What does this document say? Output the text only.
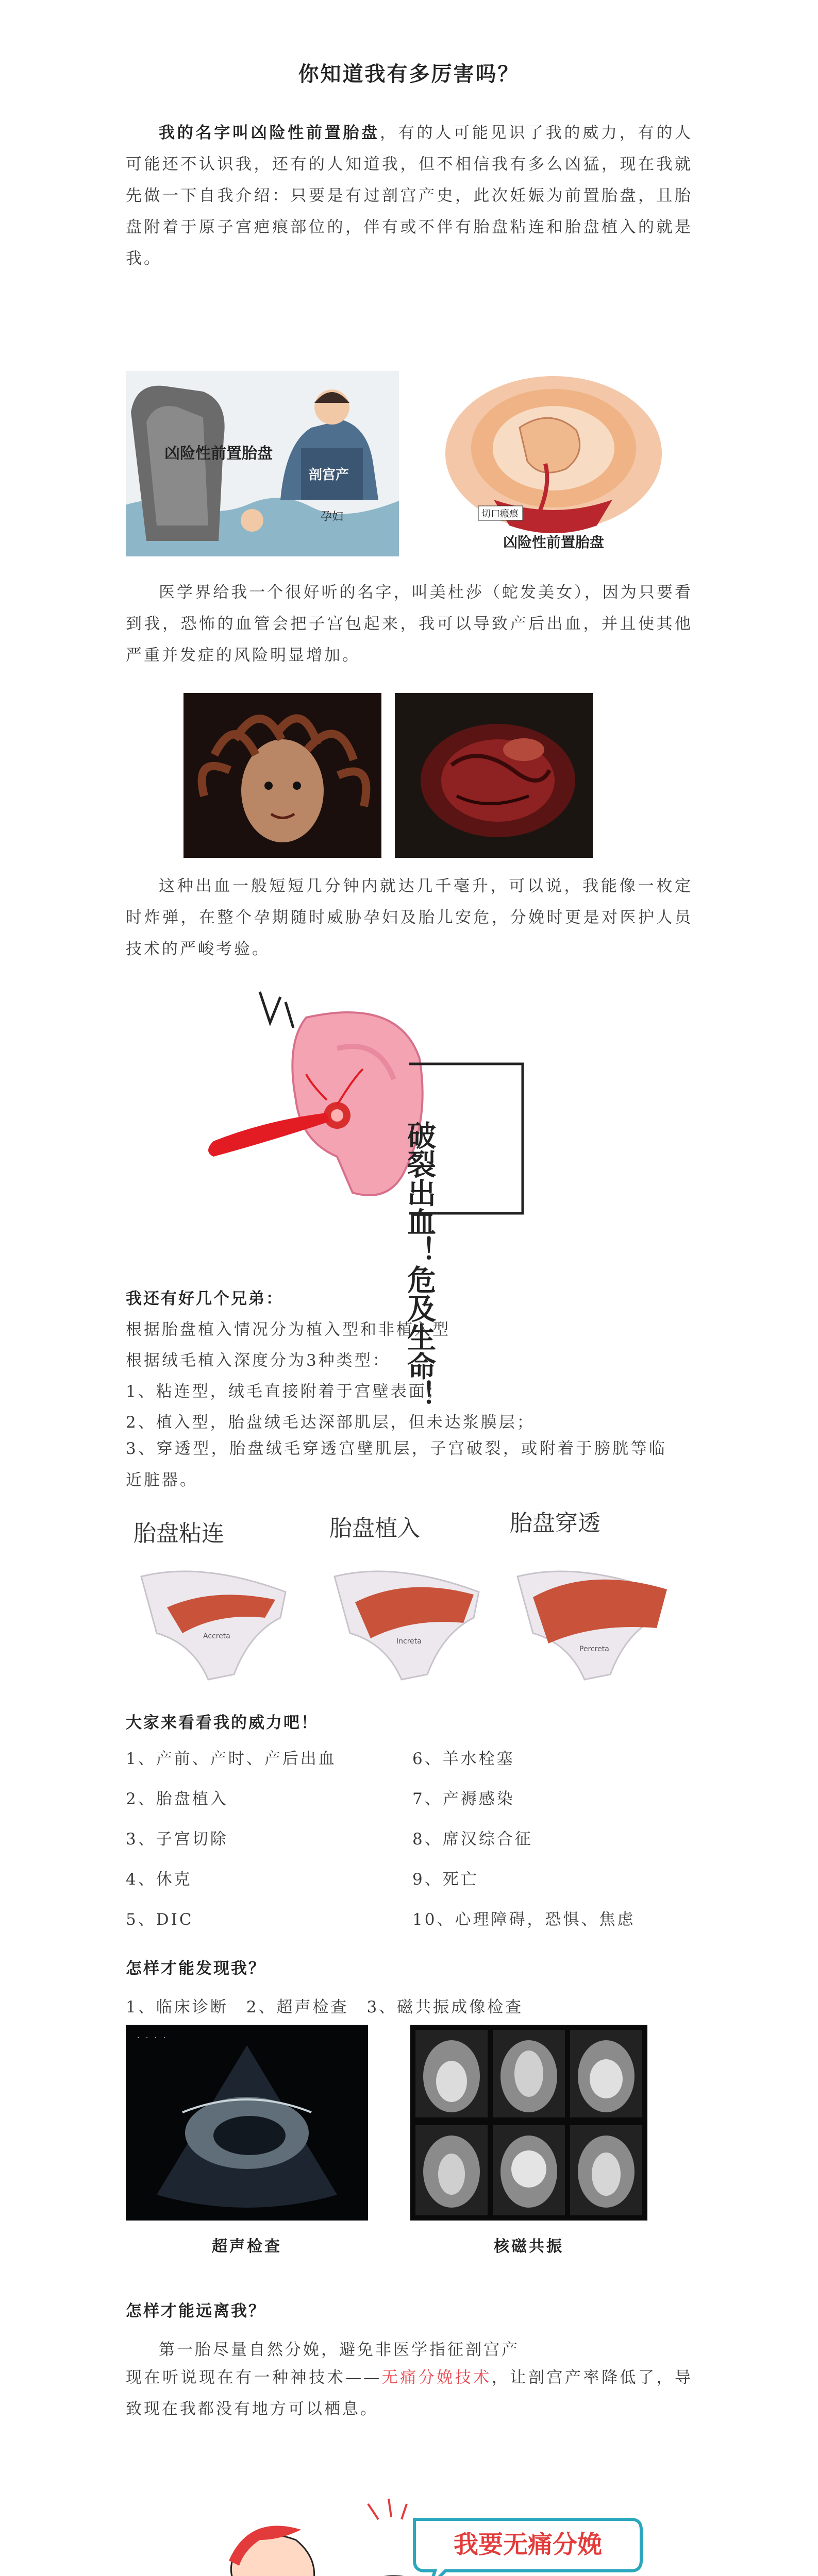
你知道我有多厉害吗？
我的名字叫凶险性前置胎盘，有的人可能见识了我的威力，有的人可能还不认识我，还有的人知道我，但不相信我有多么凶猛，现在我就先做一下自我介绍：只要是有过剖宫产史，此次妊娠为前置胎盘，且胎盘附着于原子宫疤痕部位的，伴有或不伴有胎盘粘连和胎盘植入的就是我。
凶险性前置胎盘
剖宫产
孕妇	切口瘢痕
凶险性前置胎盘
医学界给我一个很好听的名字，叫美杜莎（蛇发美女），因为只要看到我，恐怖的血管会把子宫包起来，我可以导致产后出血，并且使其他严重并发症的风险明显增加。
这种出血一般短短几分钟内就达几千毫升，可以说，我能像一枚定时炸弹，在整个孕期随时威胁孕妇及胎儿安危，分娩时更是对医护人员技术的严峻考验。
破裂出血！危及生命！
我还有好几个兄弟：
根据胎盘植入情况分为植入型和非植入型
根据绒毛植入深度分为3种类型：
1、粘连型，绒毛直接附着于宫壁表面；
2、植入型，胎盘绒毛达深部肌层，但未达浆膜层；
3、穿透型，胎盘绒毛穿透宫壁肌层，子宫破裂，或附着于膀胱等临近脏器。
胎盘粘连	胎盘植入	胎盘穿透
Accreta
Increta
Percreta
大家来看看我的威力吧！
1、产前、产时、产后出血
2、胎盘植入
3、子宫切除
4、休克
5、DIC
6、羊水栓塞
7、产褥感染
8、席汉综合征
9、死亡
10、心理障碍，恐惧、焦虑
怎样才能发现我？
1、临床诊断　2、超声检查　3、磁共振成像检查
· · · ·
超声检查	核磁共振
怎样才能远离我？
第一胎尽量自然分娩，避免非医学指征剖宫产
现在听说现在有一种神技术——无痛分娩技术，让剖宫产率降低了，导致现在我都没有地方可以栖息。
我要无痛分娩
